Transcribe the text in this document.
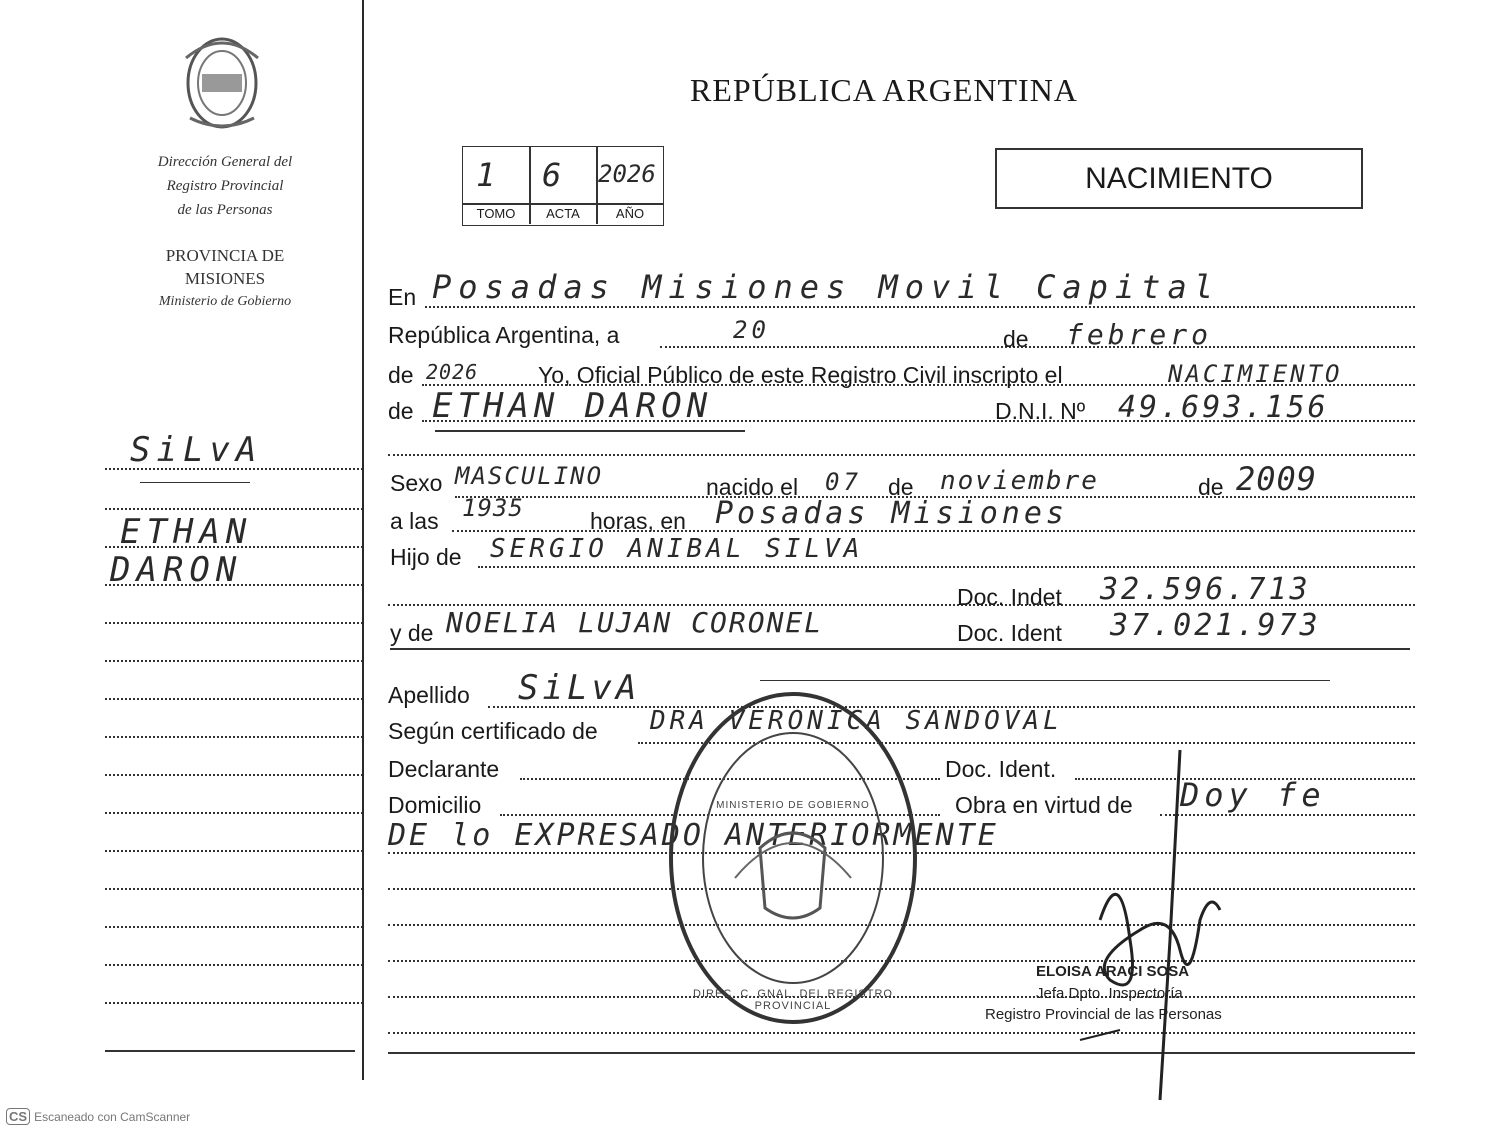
Dirección General del
Registro Provincial
de las Personas
PROVINCIA DE
MISIONES
Ministerio de Gobierno
SiLvA
ETHAN
DARON
REPÚBLICA ARGENTINA
1 6 2026
TOMO	ACTA	AÑO
NACIMIENTO
En Posadas Misiones Movil Capital
República Argentina, a	20	de febrero
de 2026	Yo, Oficial Público de este Registro Civil inscripto el	NACIMIENTO
de ETHAN DARON	D.N.I. Nº 49.693.156
Sexo MASCULINO	nacido el 07 de noviembre	de 2009
a las 1935	horas, en Posadas Misiones
Hijo de SERGIO ANIBAL SILVA
Doc. Indet 32.596.713
y de NOELIA LUJAN CORONEL	Doc. Ident 37.021.973
Apellido SiLvA
Según certificado de DRA VERONICA SANDOVAL
Declarante	Doc. Ident.
Domicilio	Obra en virtud de Doy fe
DE lo EXPRESADO ANTERIORMENTE
DIREC. C. GNAL. DEL REGISTRO PROVINCIAL
MINISTERIO DE GOBIERNO
ELOISA ARACI SOSA
Jefa Dpto. Inspectoría
Registro Provincial de las Personas
CS Escaneado con CamScanner
